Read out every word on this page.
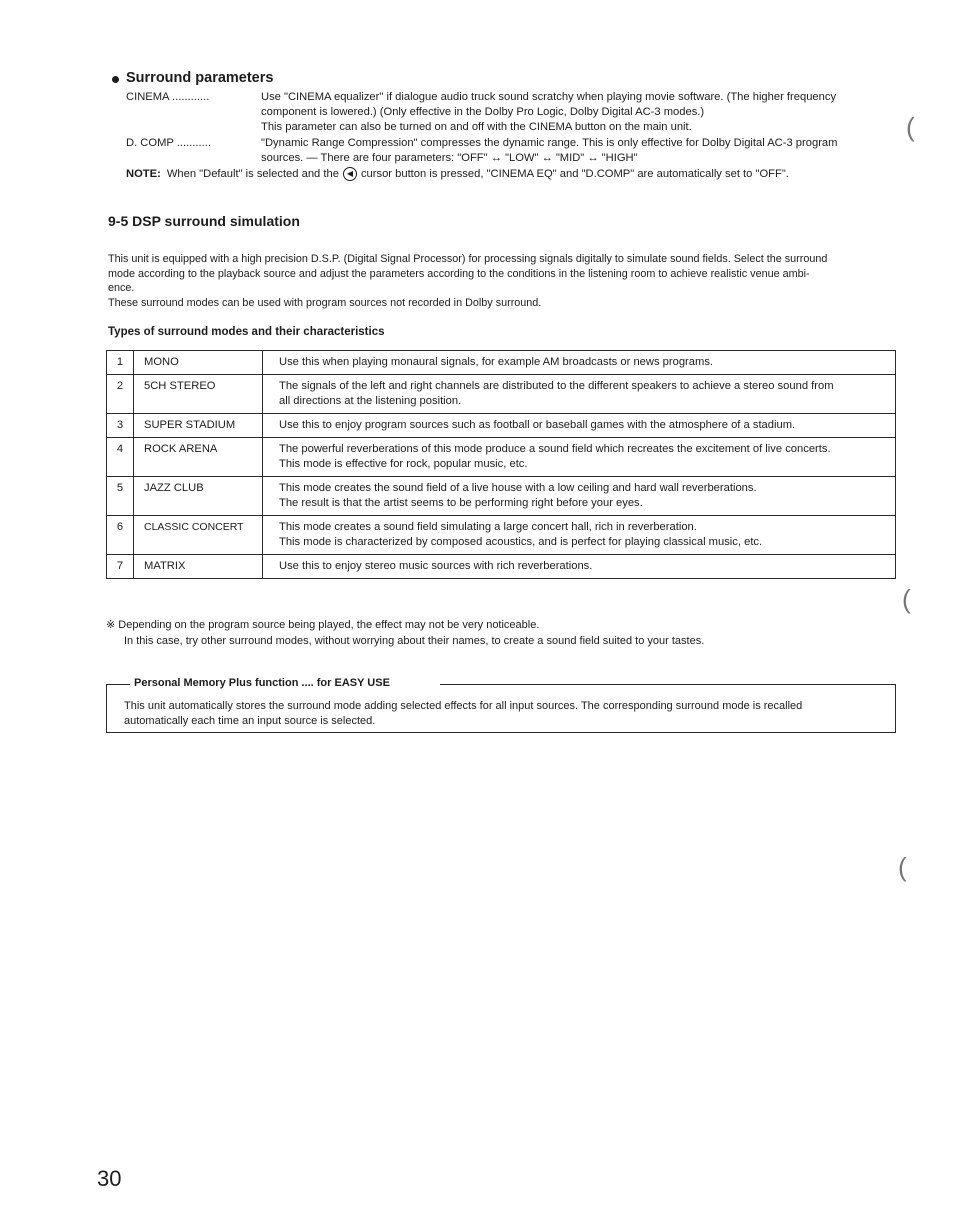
Surround parameters
CINEMA ............	Use "CINEMA equalizer" if dialogue audio truck sound scratchy when playing movie software. (The higher frequency
component is lowered.) (Only effective in the Dolby Pro Logic, Dolby Digital AC-3 modes.)
This parameter can also be turned on and off with the CINEMA button on the main unit.
D. COMP ...........	"Dynamic Range Compression" compresses the dynamic range. This is only effective for Dolby Digital AC-3 program
sources. — There are four parameters: "OFF" ↔ "LOW" ↔ "MID" ↔ "HIGH"
NOTE: When "Default" is selected and the ◀ cursor button is pressed, "CINEMA EQ" and "D.COMP" are automatically set to "OFF".
9-5 DSP surround simulation
This unit is equipped with a high precision D.S.P. (Digital Signal Processor) for processing signals digitally to simulate sound fields. Select the surround
mode according to the playback source and adjust the parameters according to the conditions in the listening room to achieve realistic venue ambi-
ence.
These surround modes can be used with program sources not recorded in Dolby surround.
Types of surround modes and their characteristics
1	MONO	Use this when playing monaural signals, for example AM broadcasts or news programs.

2	5CH STEREO	The signals of the left and right channels are distributed to the different speakers to achieve a stereo sound from
all directions at the listening position.

3	SUPER STADIUM	Use this to enjoy program sources such as football or baseball games with the atmosphere of a stadium.

4	ROCK ARENA	The powerful reverberations of this mode produce a sound field which recreates the excitement of live concerts.
This mode is effective for rock, popular music, etc.

5	JAZZ CLUB	This mode creates the sound field of a live house with a low ceiling and hard wall reverberations.
The result is that the artist seems to be performing right before your eyes.

6	CLASSIC CONCERT	This mode creates a sound field simulating a large concert hall, rich in reverberation.
This mode is characterized by composed acoustics, and is perfect for playing classical music, etc.

7	MATRIX	Use this to enjoy stereo music sources with rich reverberations.
※ Depending on the program source being played, the effect may not be very noticeable.
In this case, try other surround modes, without worrying about their names, to create a sound field suited to your tastes.
Personal Memory Plus function .... for EASY USE
This unit automatically stores the surround mode adding selected effects for all input sources. The corresponding surround mode is recalled
automatically each time an input source is selected.
(
(
(
30
